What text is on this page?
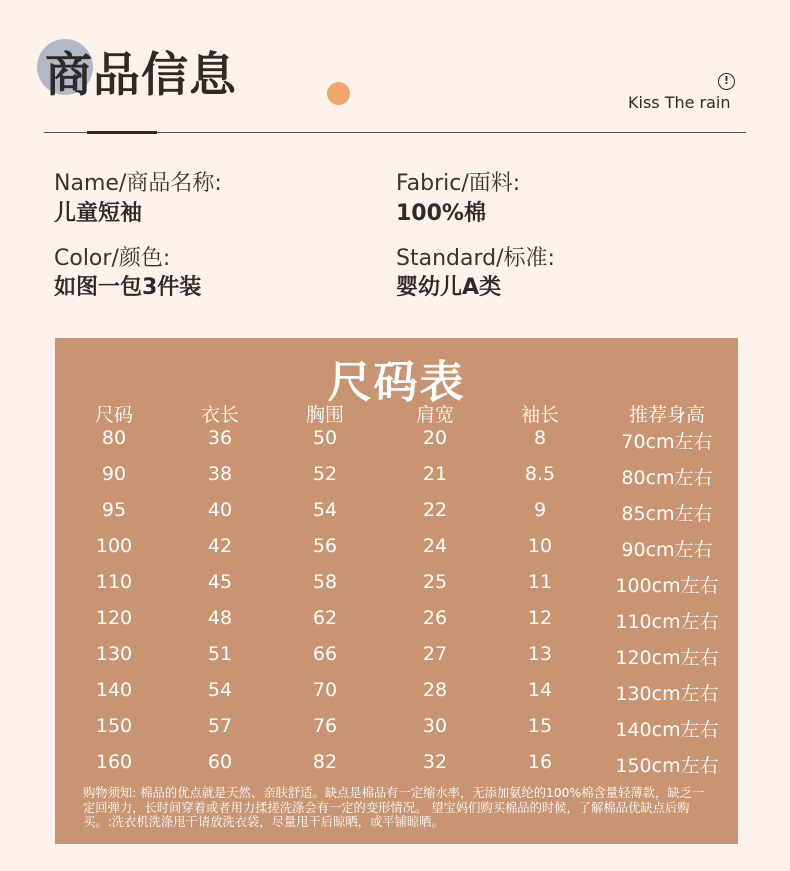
商品信息	!
Kiss The rain
Name/商品名称:
儿童短袖
Fabric/面料:
100%棉
Color/颜色:
如图一包3件装
Standard/标准:
婴幼儿A类
尺码表
尺码	衣长	胸围	肩宽	袖长	推荐身高
80	36	50	20	8	70cm左右
90	38	52	21	8.5	80cm左右
95	40	54	22	9	85cm左右
100	42	56	24	10	90cm左右
110	45	58	25	11	100cm左右
120	48	62	26	12	110cm左右
130	51	66	27	13	120cm左右
140	54	70	28	14	130cm左右
150	57	76	30	15	140cm左右
160	60	82	32	16	150cm左右
购物须知: 棉品的优点就是天然、亲肤舒适。缺点是棉品有一定缩水率，无添加氨纶的100%棉含量轻薄款，缺乏一定回弹力，长时间穿着或者用力揉搓洗涤会有一定的变形情况。 望宝妈们购买棉品的时候，了解棉品优缺点后购买。:洗衣机洗涤甩干请放洗衣袋，尽量甩干后晾晒，或平铺晾晒。
